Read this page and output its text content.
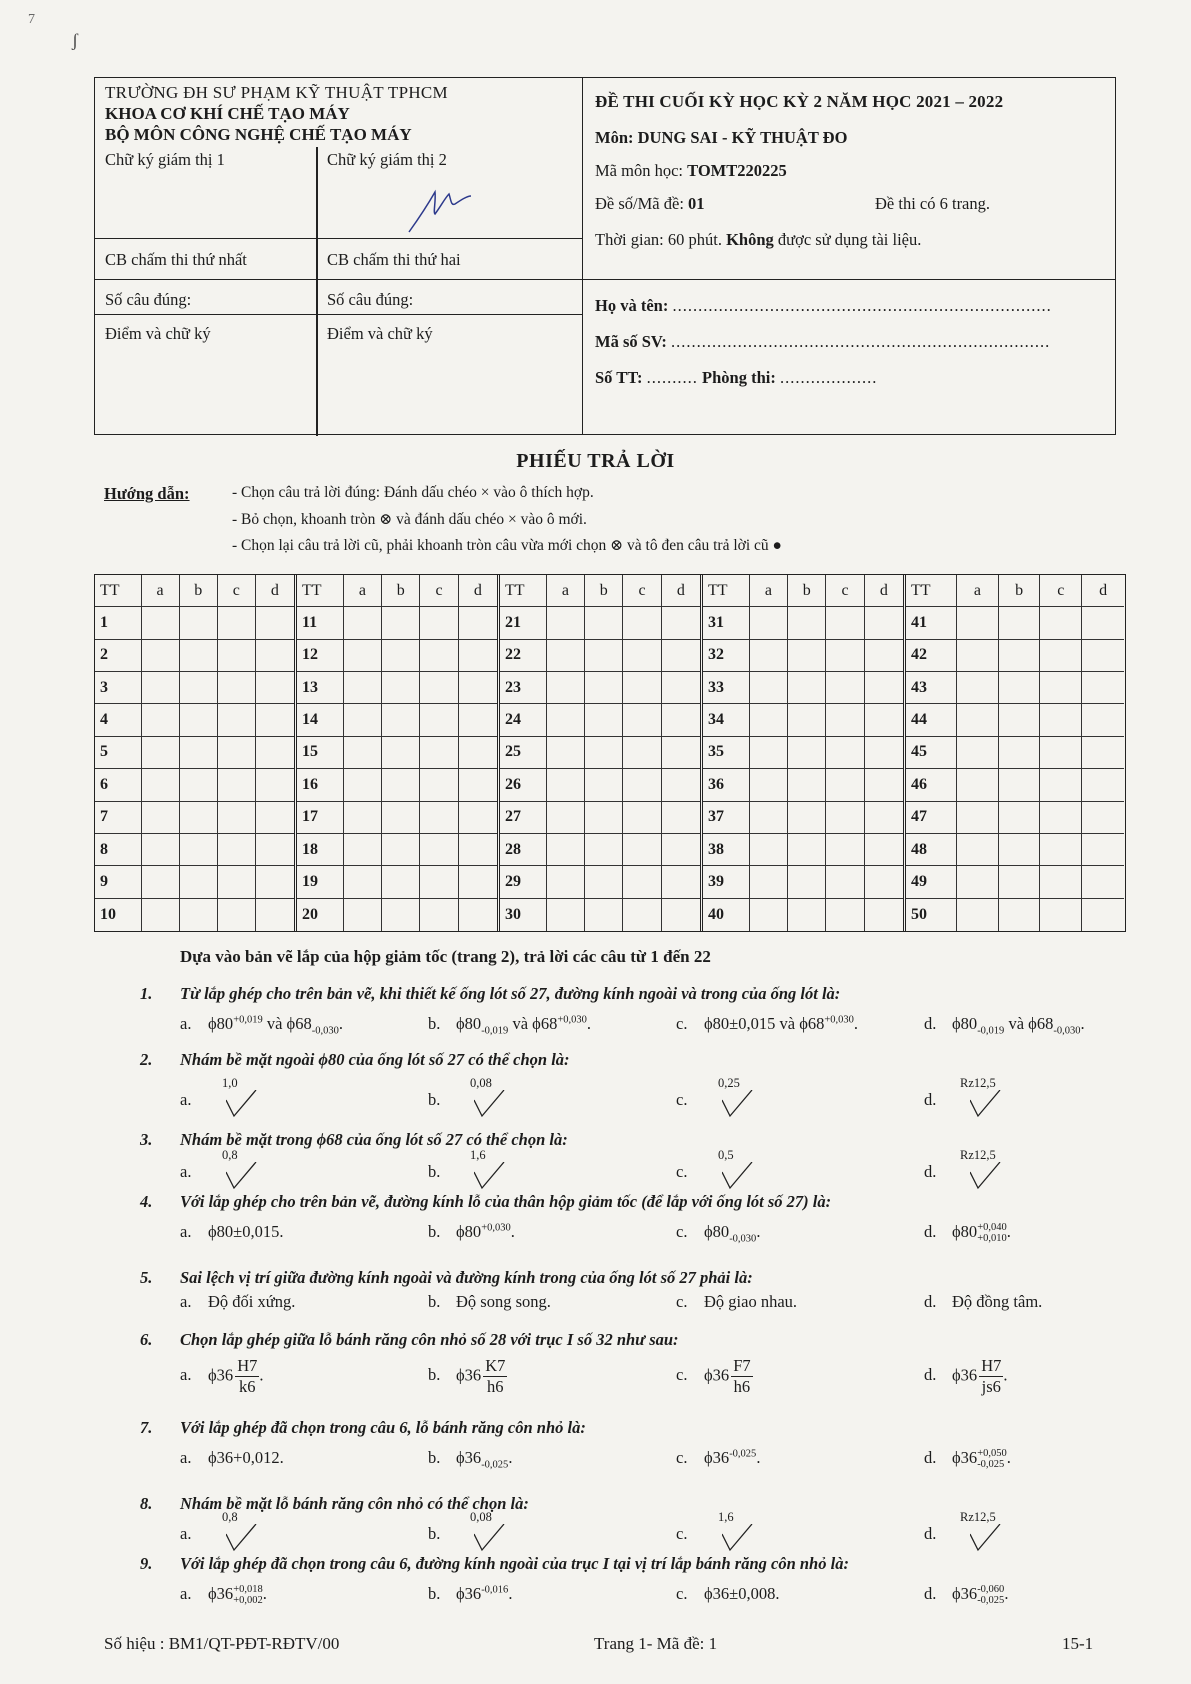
7
ʃ
TRƯỜNG ĐH SƯ PHẠM KỸ THUẬT TPHCM
KHOA CƠ KHÍ CHẾ TẠO MÁY
BỘ MÔN CÔNG NGHỆ CHẾ TẠO MÁY
Chữ ký giám thị 1	Chữ ký giám thị 2
CB chấm thi thứ nhất	CB chấm thi thứ hai
Số câu đúng:	Số câu đúng:
Điểm và chữ ký	Điểm và chữ ký
ĐỀ THI CUỐI KỲ HỌC KỲ 2 NĂM HỌC 2021 – 2022
Môn: DUNG SAI - KỸ THUẬT ĐO
Mã môn học: TOMT220225
Đề số/Mã đề: 01	Đề thi có 6 trang.
Thời gian: 60 phút. Không được sử dụng tài liệu.
Họ và tên: ..........................................................................
Mã số SV: ..........................................................................
Số TT: .......... Phòng thi: ...................
PHIẾU TRẢ LỜI
Hướng dẫn:	- Chọn câu trả lời đúng: Đánh dấu chéo × vào ô thích hợp.
- Bỏ chọn, khoanh tròn ⊗ và đánh dấu chéo × vào ô mới.
- Chọn lại câu trả lời cũ, phải khoanh tròn câu vừa mới chọn ⊗ và tô đen câu trả lời cũ ●
TT	a	b	c	d
1
2
3
4
5
6
7
8
9
10
TT	a	b	c	d
11
12
13
14
15
16
17
18
19
20
TT	a	b	c	d
21
22
23
24
25
26
27
28
29
30
TT	a	b	c	d
31
32
33
34
35
36
37
38
39
40
TT	a	b	c	d
41
42
43
44
45
46
47
48
49
50
Dựa vào bản vẽ lắp của hộp giảm tốc (trang 2), trả lời các câu từ 1 đến 22
1. Từ lắp ghép cho trên bản vẽ, khi thiết kế ống lót số 27, đường kính ngoài và trong của ống lót là:
a. $\phi 80^{+0,019}$ và $\phi 68_{-0,030}$.	b. $\phi 80_{-0,019}$ và $\phi 68^{+0,030}$.	c. ϕ80±0,015 và $\phi 68^{+0,030}$.	d. $\phi 80_{-0,019}$ và $\phi 68_{-0,030}$.
2. Nhám bề mặt ngoài ϕ80 của ống lót số 27 có thể chọn là:
a.
1,0
b.
0,08
c.
0,25
d.
Rz12,5
3. Nhám bề mặt trong ϕ68 của ống lót số 27 có thể chọn là:
a.
0,8
b.
1,6
c.
0,5
d.
Rz12,5
4. Với lắp ghép cho trên bản vẽ, đường kính lỗ của thân hộp giảm tốc (để lắp với ống lót số 27) là:
a. ϕ80±0,015.	b. $\phi 80^{+0,030}$.	c. $\phi 80_{-0,030}$.	d. ϕ80 +0,040
+0,010 .
5. Sai lệch vị trí giữa đường kính ngoài và đường kính trong của ống lót số 27 phải là:
a. Độ đối xứng.	b. Độ song song.	c. Độ giao nhau.	d. Độ đồng tâm.
6. Chọn lắp ghép giữa lỗ bánh răng côn nhỏ số 28 với trục I số 32 như sau:
a. $\phi 36 \frac{H7}{k6}$ .	b. $\phi 36 \frac{K7}{h6}$	c. $\phi 36 \frac{F7}{h6}$	d. $\phi 36 \frac{H7}{js6}$ .
7. Với lắp ghép đã chọn trong câu 6, lỗ bánh răng côn nhỏ là:
a. ϕ36+0,012.	b. $\phi 36_{-0,025}$.	c. $\phi 36^{-0,025}$.	d. ϕ36 +0,050
-0,025 .
8. Nhám bề mặt lỗ bánh răng côn nhỏ có thể chọn là:
a.
0,8
b.
0,08
c.
1,6
d.
Rz12,5
9. Với lắp ghép đã chọn trong câu 6, đường kính ngoài của trục I tại vị trí lắp bánh răng côn nhỏ là:
a. ϕ36 +0,018
+0,002 .	b. $\phi 36^{-0,016}$.	c. ϕ36±0,008.	d. ϕ36 -0,060
-0,025 .
Số hiệu : BM1/QT-PĐT-RĐTV/00	Trang 1- Mã đề: 1	15-1
